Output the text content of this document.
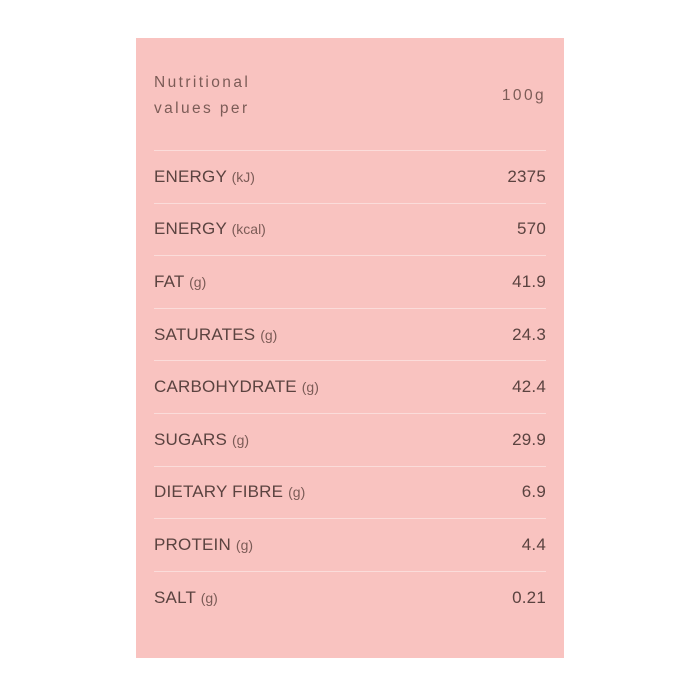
Nutritional
values per	100g
ENERGY (kJ)	2375
ENERGY (kcal)	570
FAT (g)	41.9
SATURATES (g)	24.3
CARBOHYDRATE (g)	42.4
SUGARS (g)	29.9
DIETARY FIBRE (g)	6.9
PROTEIN (g)	4.4
SALT (g)	0.21
